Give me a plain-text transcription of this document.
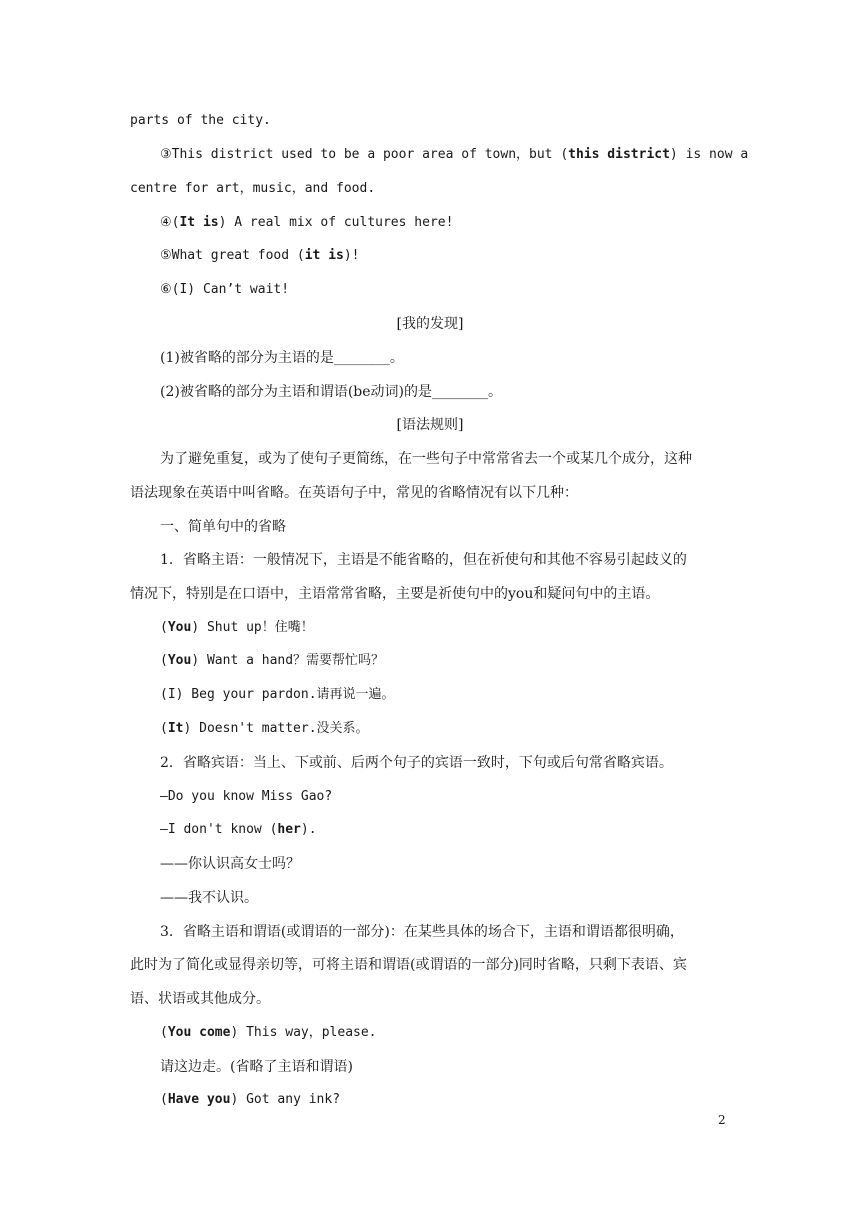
parts of the city.
③This district used to be a poor area of town，but (this district) is now a
centre for art，music，and food.
④(It is) A real mix of cultures here!
⑤What great food (it is)!
⑥(I) Can’t wait!
[我的发现]
(1)被省略的部分为主语的是________。
(2)被省略的部分为主语和谓语(be动词)的是________。
[语法规则]
为了避免重复，或为了使句子更简练，在一些句子中常常省去一个或某几个成分，这种
语法现象在英语中叫省略。在英语句子中，常见的省略情况有以下几种：
一、简单句中的省略
1．省略主语：一般情况下，主语是不能省略的，但在祈使句和其他不容易引起歧义的
情况下，特别是在口语中，主语常常省略，主要是祈使句中的you和疑问句中的主语。
(You) Shut up！住嘴！
(You) Want a hand？需要帮忙吗？
(I) Beg your pardon.请再说一遍。
(It) Doesn't matter.没关系。
2．省略宾语：当上、下或前、后两个句子的宾语一致时，下句或后句常省略宾语。
—Do you know Miss Gao?
—I don't know (her).
——你认识高女士吗？
——我不认识。
3．省略主语和谓语(或谓语的一部分)：在某些具体的场合下，主语和谓语都很明确，
此时为了简化或显得亲切等，可将主语和谓语(或谓语的一部分)同时省略，只剩下表语、宾
语、状语或其他成分。
(You come) This way，please.
请这边走。(省略了主语和谓语)
(Have you) Got any ink?
2
